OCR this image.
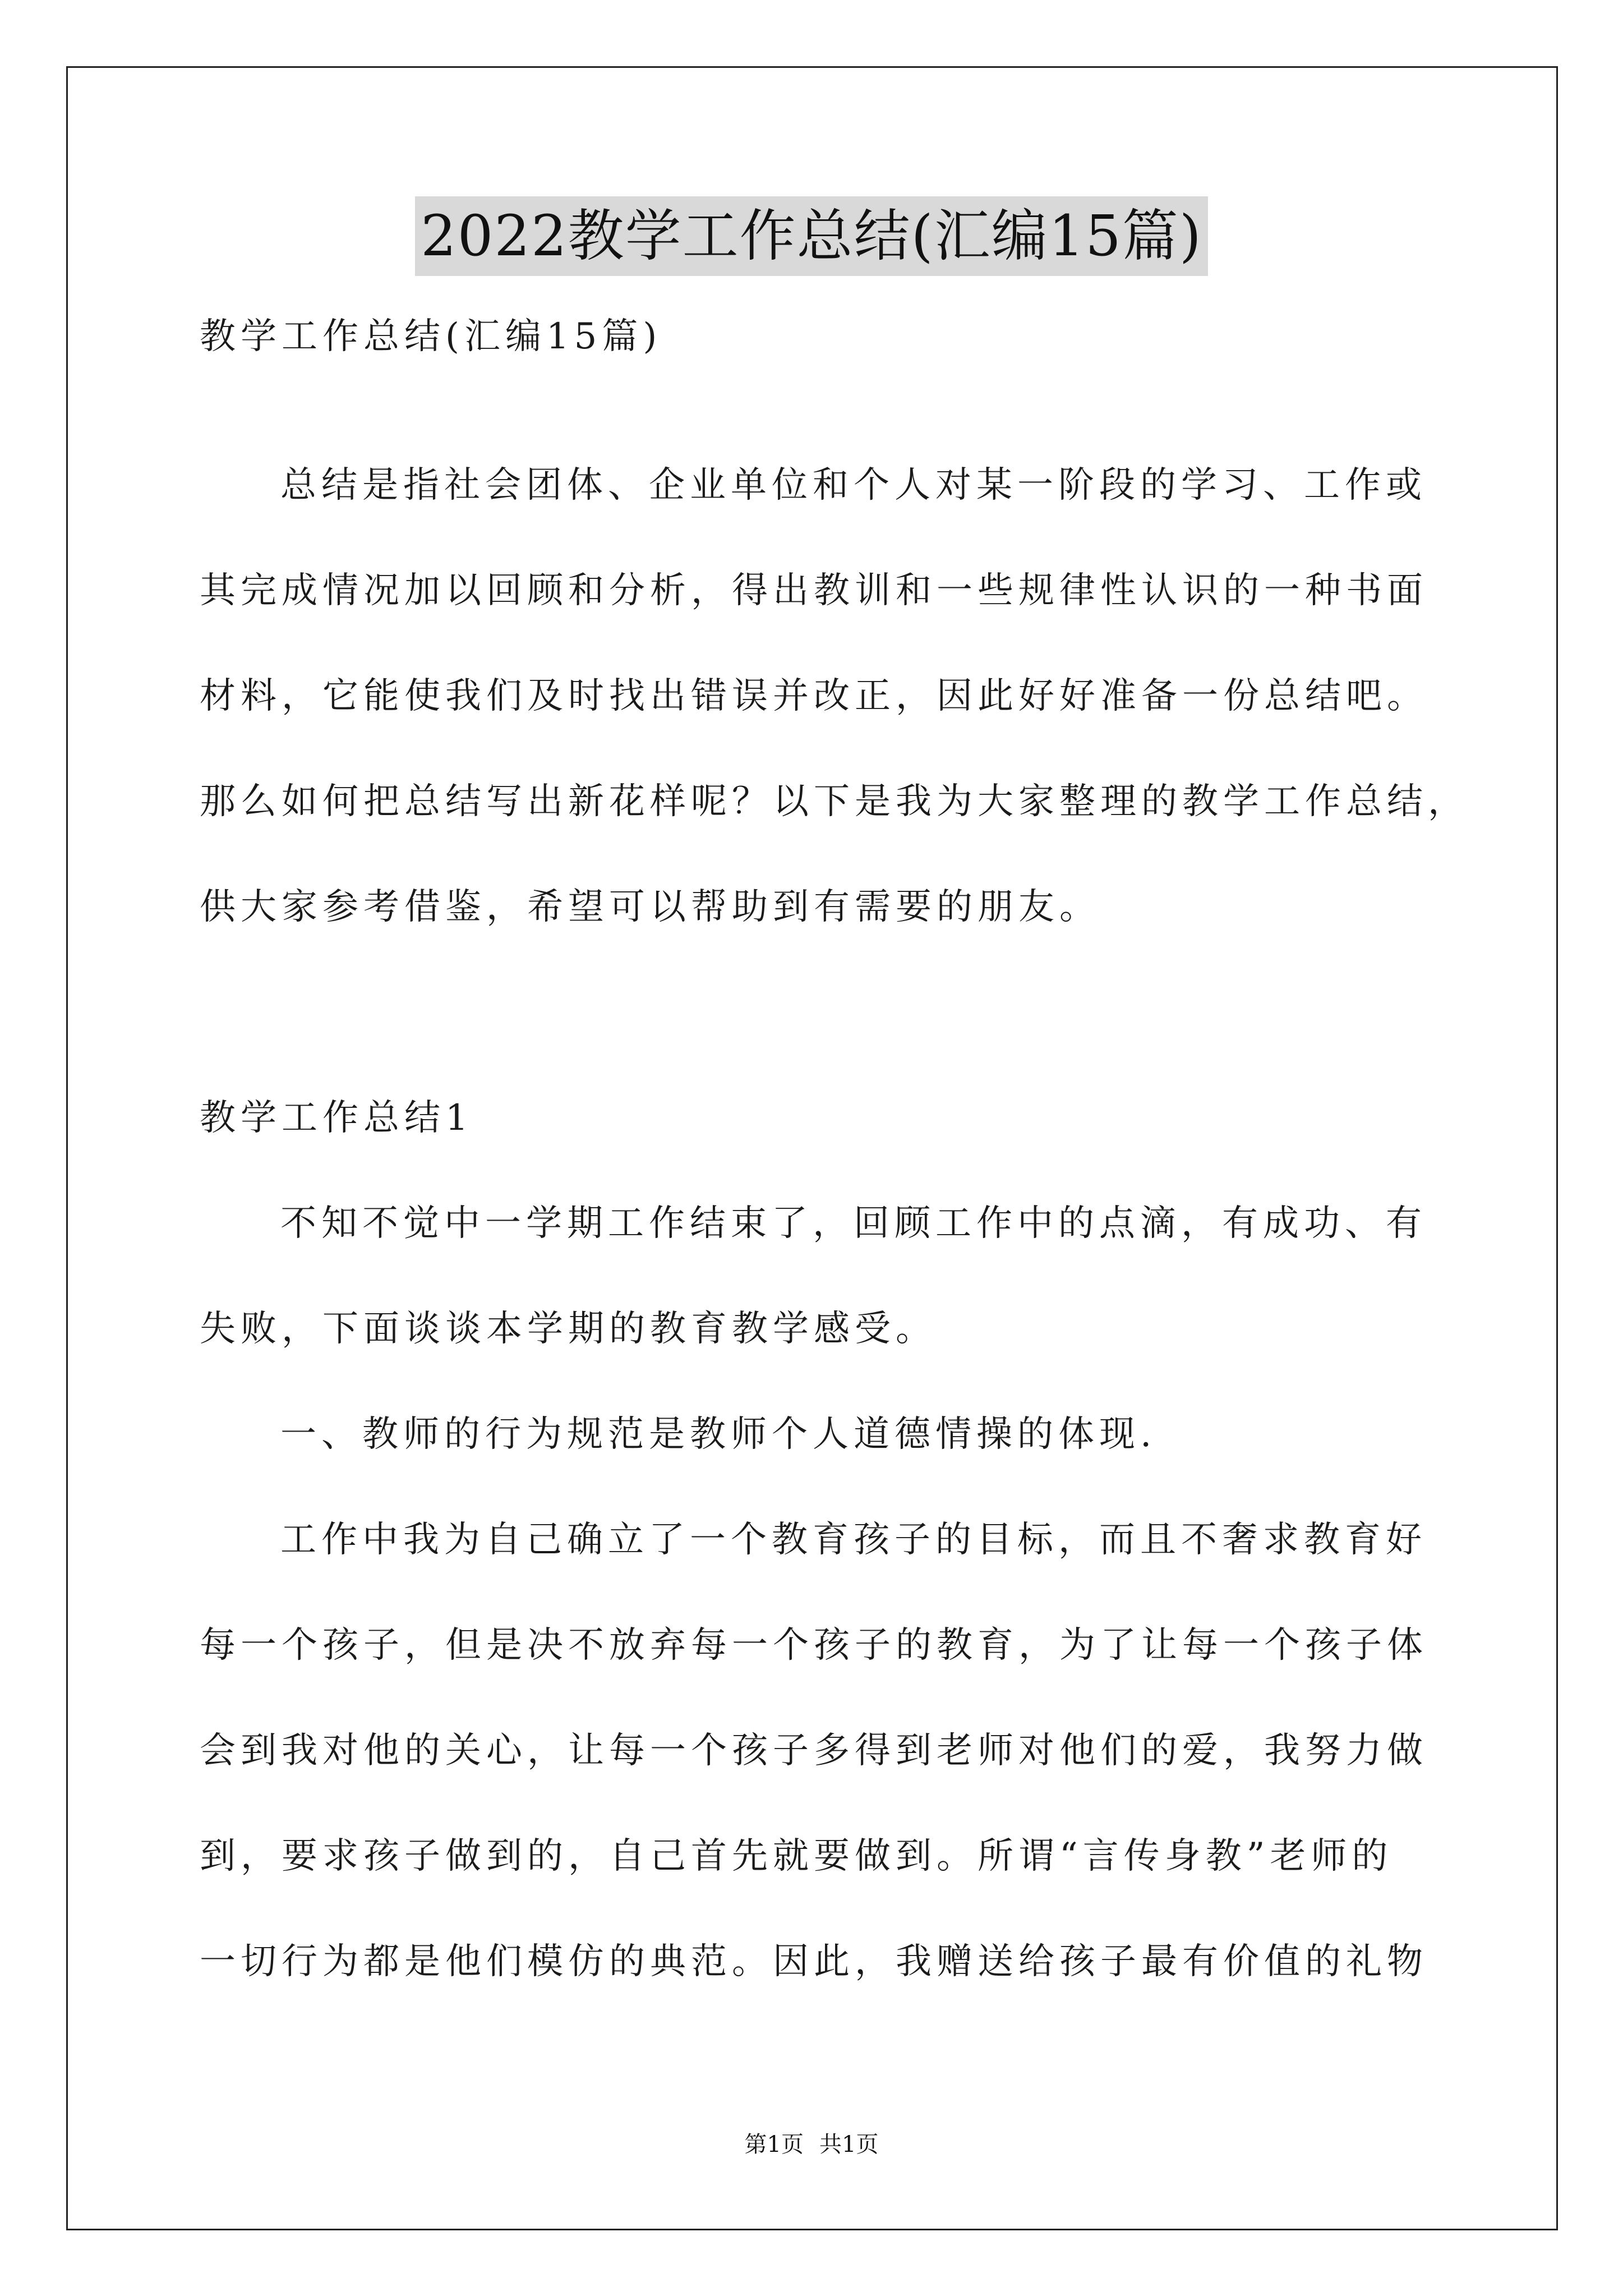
2022教学工作总结(汇编15篇)
教学工作总结(汇编15篇)
总结是指社会团体、企业单位和个人对某一阶段的学习、工作或
其完成情况加以回顾和分析，得出教训和一些规律性认识的一种书面
材料，它能使我们及时找出错误并改正，因此好好准备一份总结吧。
那么如何把总结写出新花样呢？以下是我为大家整理的教学工作总结，
供大家参考借鉴，希望可以帮助到有需要的朋友。
教学工作总结1
不知不觉中一学期工作结束了，回顾工作中的点滴，有成功、有
失败，下面谈谈本学期的教育教学感受。
一、教师的行为规范是教师个人道德情操的体现.
工作中我为自己确立了一个教育孩子的目标，而且不奢求教育好
每一个孩子，但是决不放弃每一个孩子的教育，为了让每一个孩子体
会到我对他的关心，让每一个孩子多得到老师对他们的爱，我努力做
到，要求孩子做到的，自己首先就要做到。所谓“言传身教”老师的
一切行为都是他们模仿的典范。因此，我赠送给孩子最有价值的礼物
第1页 共1页
